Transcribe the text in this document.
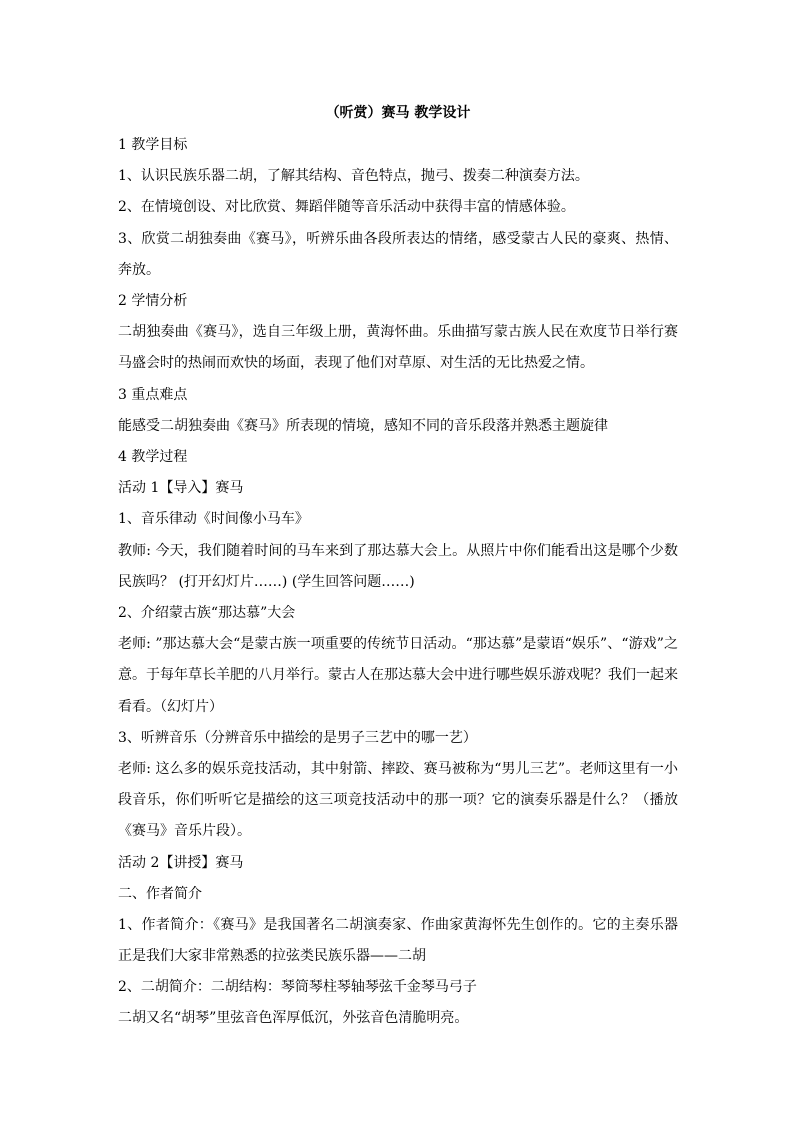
（听赏）赛马 教学设计

1 教学目标

1、认识民族乐器二胡，了解其结构、音色特点，抛弓、拨奏二种演奏方法。

2、在情境创设、对比欣赏、舞蹈伴随等音乐活动中获得丰富的情感体验。

3、欣赏二胡独奏曲《赛马》，听辨乐曲各段所表达的情绪，感受蒙古人民的豪爽、热情、奔放。

2 学情分析

二胡独奏曲《赛马》，选自三年级上册，黄海怀曲。乐曲描写蒙古族人民在欢度节日举行赛马盛会时的热闹而欢快的场面，表现了他们对草原、对生活的无比热爱之情。

3 重点难点

能感受二胡独奏曲《赛马》所表现的情境，感知不同的音乐段落并熟悉主题旋律

4 教学过程

活动 1【导入】赛马

1、音乐律动《时间像小马车》

教师: 今天，我们随着时间的马车来到了那达慕大会上。从照片中你们能看出这是哪个少数民族吗？ (打开幻灯片……) (学生回答问题……)

2、介绍蒙古族“那达慕”大会

老师: ”那达慕大会“是蒙古族一项重要的传统节日活动。“那达慕”是蒙语“娱乐”、“游戏”之意。于每年草长羊肥的八月举行。蒙古人在那达慕大会中进行哪些娱乐游戏呢？我们一起来看看。（幻灯片）

3、听辨音乐（分辨音乐中描绘的是男子三艺中的哪一艺）

老师: 这么多的娱乐竞技活动，其中射箭、摔跤、赛马被称为“男儿三艺”。老师这里有一小段音乐，你们听听它是描绘的这三项竞技活动中的那一项？它的演奏乐器是什么？（播放《赛马》音乐片段）。

活动 2【讲授】赛马

二、作者简介

1、作者简介：《赛马》是我国著名二胡演奏家、作曲家黄海怀先生创作的。它的主奏乐器正是我们大家非常熟悉的拉弦类民族乐器——二胡

2、二胡简介：二胡结构：琴筒琴柱琴轴琴弦千金琴马弓子

二胡又名“胡琴”里弦音色浑厚低沉，外弦音色清脆明亮。
